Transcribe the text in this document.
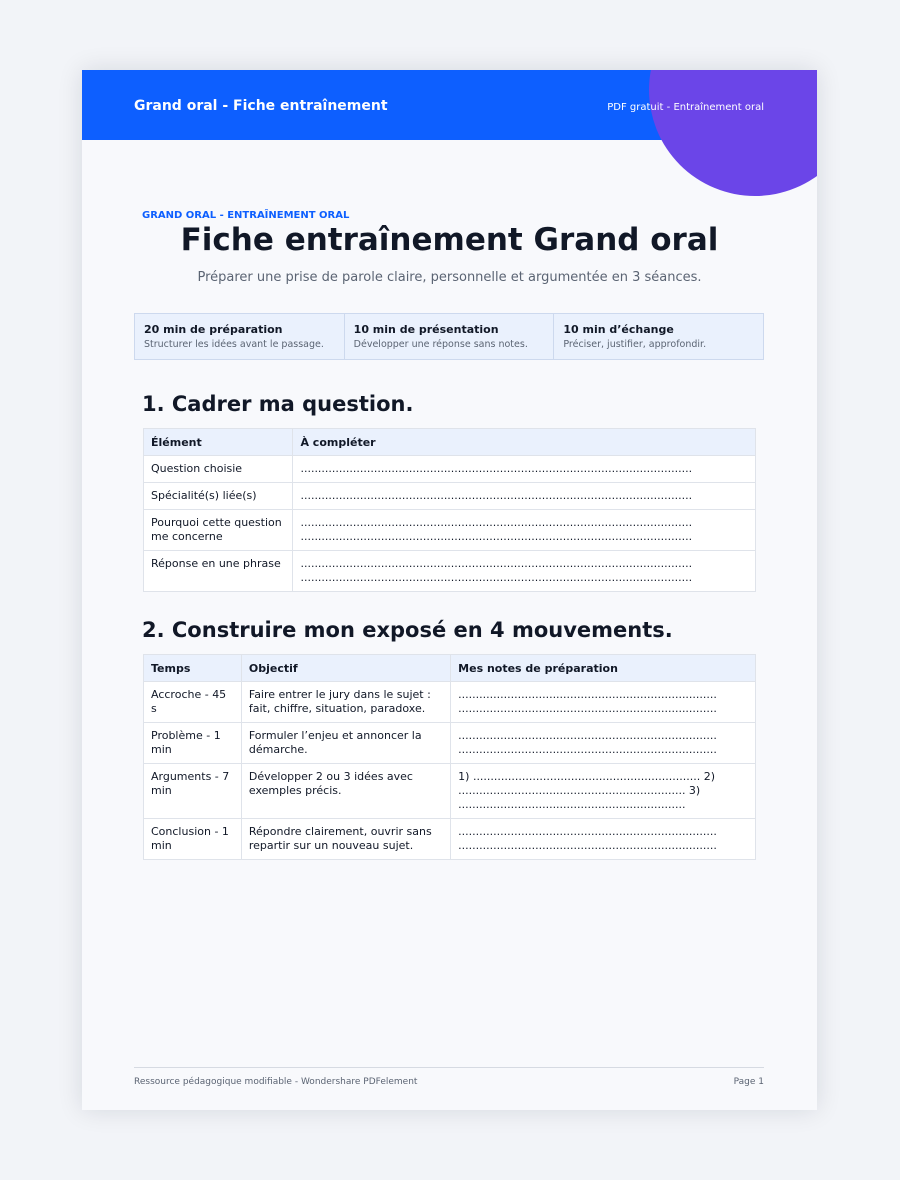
Grand oral - Fiche entraînement	PDF gratuit - Entraînement oral
GRAND ORAL - ENTRAÎNEMENT ORAL
Fiche entraînement Grand oral
Préparer une prise de parole claire, personnelle et argumentée en 3 séances.
20 min de préparation
Structurer les idées avant le passage.
10 min de présentation
Développer une réponse sans notes.
10 min d’échange
Préciser, justifier, approfondir.
1. Cadrer ma question.
Élément	À compléter
Question choisie	................................................................................................................
Spécialité(s) liée(s)	................................................................................................................
Pourquoi cette question me concerne	................................................................................................................ ................................................................................................................
Réponse en une phrase	................................................................................................................ ................................................................................................................
2. Construire mon exposé en 4 mouvements.
Temps	Objectif	Mes notes de préparation
Accroche - 45 s	Faire entrer le jury dans le sujet : fait, chiffre, situation, paradoxe.	.......................................................................... ..........................................................................
Problème - 1 min	Formuler l’enjeu et annoncer la démarche.	.......................................................................... ..........................................................................
Arguments - 7 min	Développer 2 ou 3 idées avec exemples précis.	1) ................................................................. 2) ................................................................. 3) .................................................................
Conclusion - 1 min	Répondre clairement, ouvrir sans repartir sur un nouveau sujet.	.......................................................................... ..........................................................................
Ressource pédagogique modifiable - Wondershare PDFelement	Page 1
